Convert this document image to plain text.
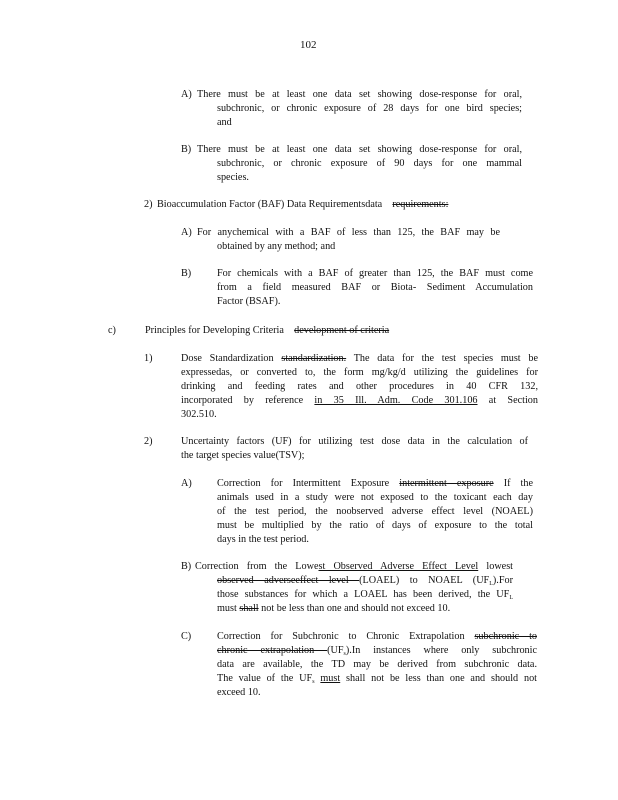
102
A) There must be at least one data set showing dose-response for oral,
subchronic, or chronic exposure of 28 days for one bird species;
and
B) There must be at least one data set showing dose-response for oral,
subchronic, or chronic exposure of 90 days for one mammal
species.
2) Bioaccumulation Factor (BAF) Data Requirementsdata requirements:
A) For anychemical with a BAF of less than 125, the BAF may be
obtained by any method; and
B)	For chemicals with a BAF of greater than 125, the BAF must come
from a field measured BAF or Biota- Sediment Accumulation
Factor (BSAF).
c)	Principles for Developing Criteria development of criteria
1)	Dose Standardization standardization. The data for the test species must be
expressedas, or converted to, the form mg/kg/d utilizing the guidelines for
drinking and feeding rates and other procedures in 40 CFR 132,
incorporated by reference in 35 Ill. Adm. Code 301.106 at Section
302.510.
2)	Uncertainty factors (UF) for utilizing test dose data in the calculation of
the target species value(TSV);
A) Correction for Intermittent Exposure intermittent exposure If the
animals used in a study were not exposed to the toxicant each day
of the test period, the noobserved adverse effect level (NOAEL)
must be multiplied by the ratio of days of exposure to the total
days in the test period.
B) Correction from the Lowest Observed Adverse Effect Level lowest
observed adverseeffect level (LOAEL) to NOAEL $(UF_L).For$
those substances for which a LOAEL has been derived, the $UF_L$
must shall not be less than one and should not exceed 10.
C)	Correction for Subchronic to Chronic Extrapolation subchronic to
chronic extrapolation $(UF_s).In$ instances where only subchronic
data are available, the TD may be derived from subchronic data.
The value of the $UF_s$ must shall not be less than one and should not
exceed 10.
